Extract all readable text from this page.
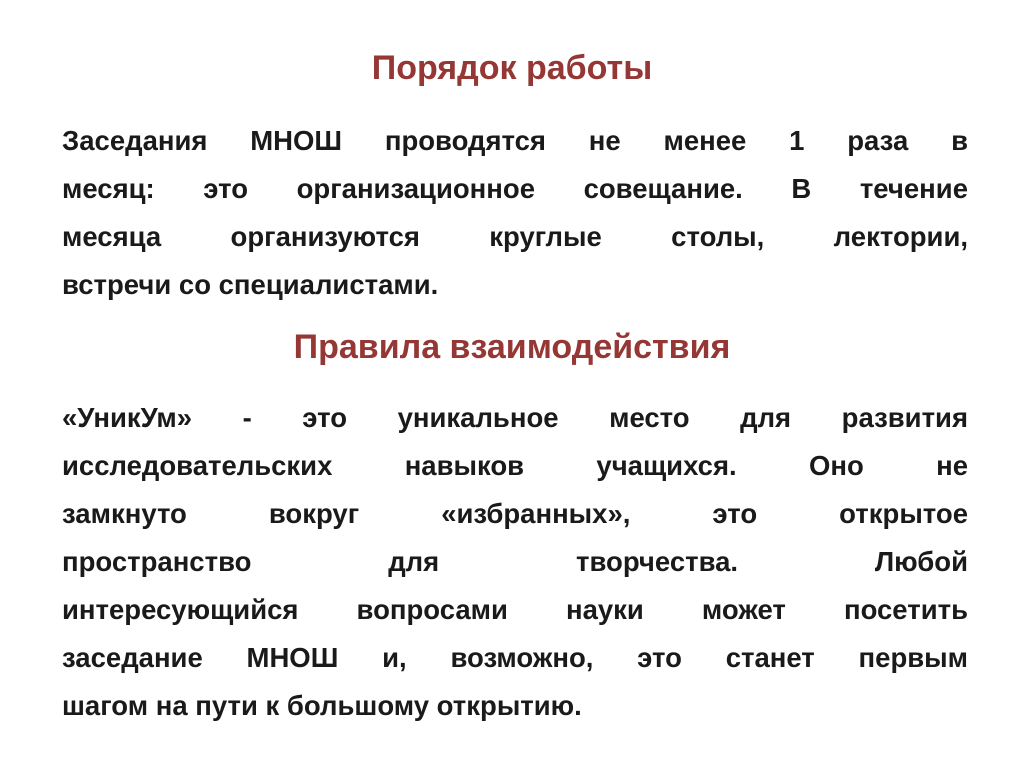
Порядок работы

Заседания МНОШ проводятся не менее 1 раза в
месяц: это организационное совещание. В течение
месяца организуются круглые столы, лектории,
встречи со специалистами.

Правила взаимодействия

«УникУм» - это уникальное место для развития
исследовательских навыков учащихся. Оно не
замкнуто вокруг «избранных», это открытое
пространство для творчества. Любой
интересующийся вопросами науки может посетить
заседание МНОШ и, возможно, это станет первым
шагом на пути к большому открытию.
